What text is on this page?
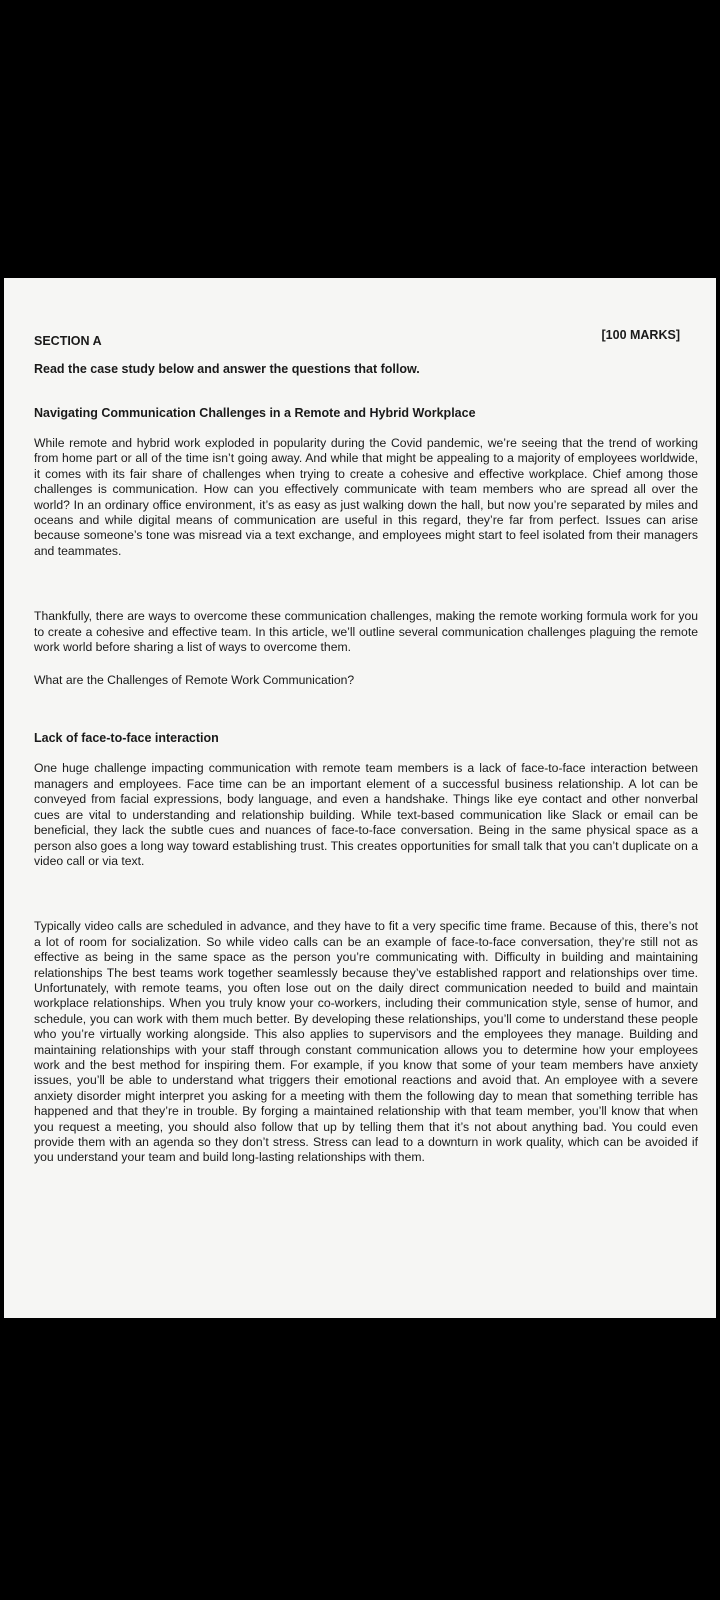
SECTION A	[100 MARKS]
Read the case study below and answer the questions that follow.
Navigating Communication Challenges in a Remote and Hybrid Workplace
While remote and hybrid work exploded in popularity during the Covid pandemic, we’re seeing that the trend of working from home part or all of the time isn’t going away. And while that might be appealing to a majority of employees worldwide, it comes with its fair share of challenges when trying to create a cohesive and effective workplace. Chief among those challenges is communication. How can you effectively communicate with team members who are spread all over the world? In an ordinary office environment, it’s as easy as just walking down the hall, but now you’re separated by miles and oceans and while digital means of communication are useful in this regard, they’re far from perfect. Issues can arise because someone’s tone was misread via a text exchange, and employees might start to feel isolated from their managers and teammates.
Thankfully, there are ways to overcome these communication challenges, making the remote working formula work for you to create a cohesive and effective team. In this article, we’ll outline several communication challenges plaguing the remote work world before sharing a list of ways to overcome them.
What are the Challenges of Remote Work Communication?
Lack of face-to-face interaction
One huge challenge impacting communication with remote team members is a lack of face-to-face interaction between managers and employees. Face time can be an important element of a successful business relationship. A lot can be conveyed from facial expressions, body language, and even a handshake. Things like eye contact and other nonverbal cues are vital to understanding and relationship building. While text-based communication like Slack or email can be beneficial, they lack the subtle cues and nuances of face-to-face conversation. Being in the same physical space as a person also goes a long way toward establishing trust. This creates opportunities for small talk that you can’t duplicate on a video call or via text.
Typically video calls are scheduled in advance, and they have to fit a very specific time frame. Because of this, there’s not a lot of room for socialization. So while video calls can be an example of face-to-face conversation, they’re still not as effective as being in the same space as the person you’re communicating with. Difficulty in building and maintaining relationships The best teams work together seamlessly because they’ve established rapport and relationships over time. Unfortunately, with remote teams, you often lose out on the daily direct communication needed to build and maintain workplace relationships. When you truly know your co-workers, including their communication style, sense of humor, and schedule, you can work with them much better. By developing these relationships, you’ll come to understand these people who you’re virtually working alongside. This also applies to supervisors and the employees they manage. Building and maintaining relationships with your staff through constant communication allows you to determine how your employees work and the best method for inspiring them. For example, if you know that some of your team members have anxiety issues, you’ll be able to understand what triggers their emotional reactions and avoid that. An employee with a severe anxiety disorder might interpret you asking for a meeting with them the following day to mean that something terrible has happened and that they’re in trouble. By forging a maintained relationship with that team member, you’ll know that when you request a meeting, you should also follow that up by telling them that it’s not about anything bad. You could even provide them with an agenda so they don’t stress. Stress can lead to a downturn in work quality, which can be avoided if you understand your team and build long-lasting relationships with them.
